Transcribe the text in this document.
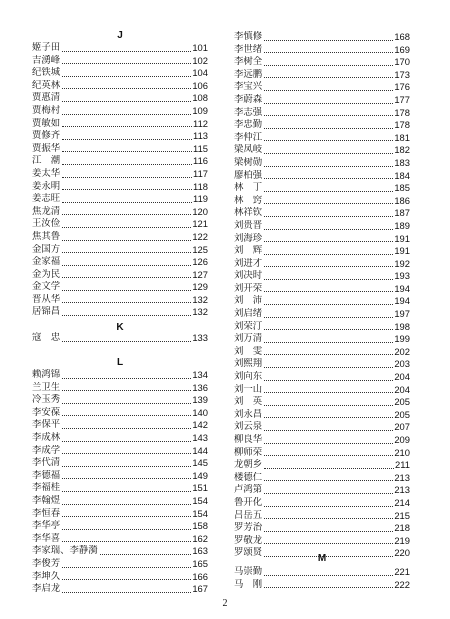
J
姬子田	101
吉湧峰	102
纪铁城	104
纪英林	106
贾惠清	108
贾梅村	109
贾敏如	112
贾修齐	113
贾振华	115
江　潮	116
姜太华	117
姜永明	118
姜志旺	119
焦龙清	120
王汝俭	121
焦其鲁	122
金国方	125
金家福	126
金为民	127
金文学	129
晋从华	132
居锦昌	132
K
寇　忠	133
L
赖鸿锦	134
兰卫生	136
冷玉秀	139
李安葆	140
李保平	142
李成林	143
李成学	144
李代清	145
李德福	149
李福桂	151
李翰煜	154
李恒春	154
李华亭	158
李华喜	162
李家瑞、李静漪	163
李俊芳	165
李坤久	166
李启龙	167
李慎修	168
李世绪	169
李树全	170
李远鹏	173
李宝兴	176
李蔚森	177
李志强	178
李忠勤	178
李仲江	181
梁凤岐	182
梁树勋	183
廖柏强	184
林　丁	185
林　窍	186
林祥钦	187
刘贵晋	189
刘海珍	191
刘　辉	191
刘进才	192
刘决时	193
刘开荣	194
刘　沛	194
刘启绪	197
刘荣汀	198
刘万清	199
刘　雯	202
刘熙翔	203
刘向东	204
刘一山	204
刘　英	205
刘永昌	205
刘云泉	207
柳良华	209
柳师荣	210
龙朝乡	211
楼德仁	213
卢鸿第	213
鲁开化	214
吕岳五	215
罗芳治	218
罗敬龙	219
罗颂贤	220
M
马崇勤	221
马　刚	222
2
